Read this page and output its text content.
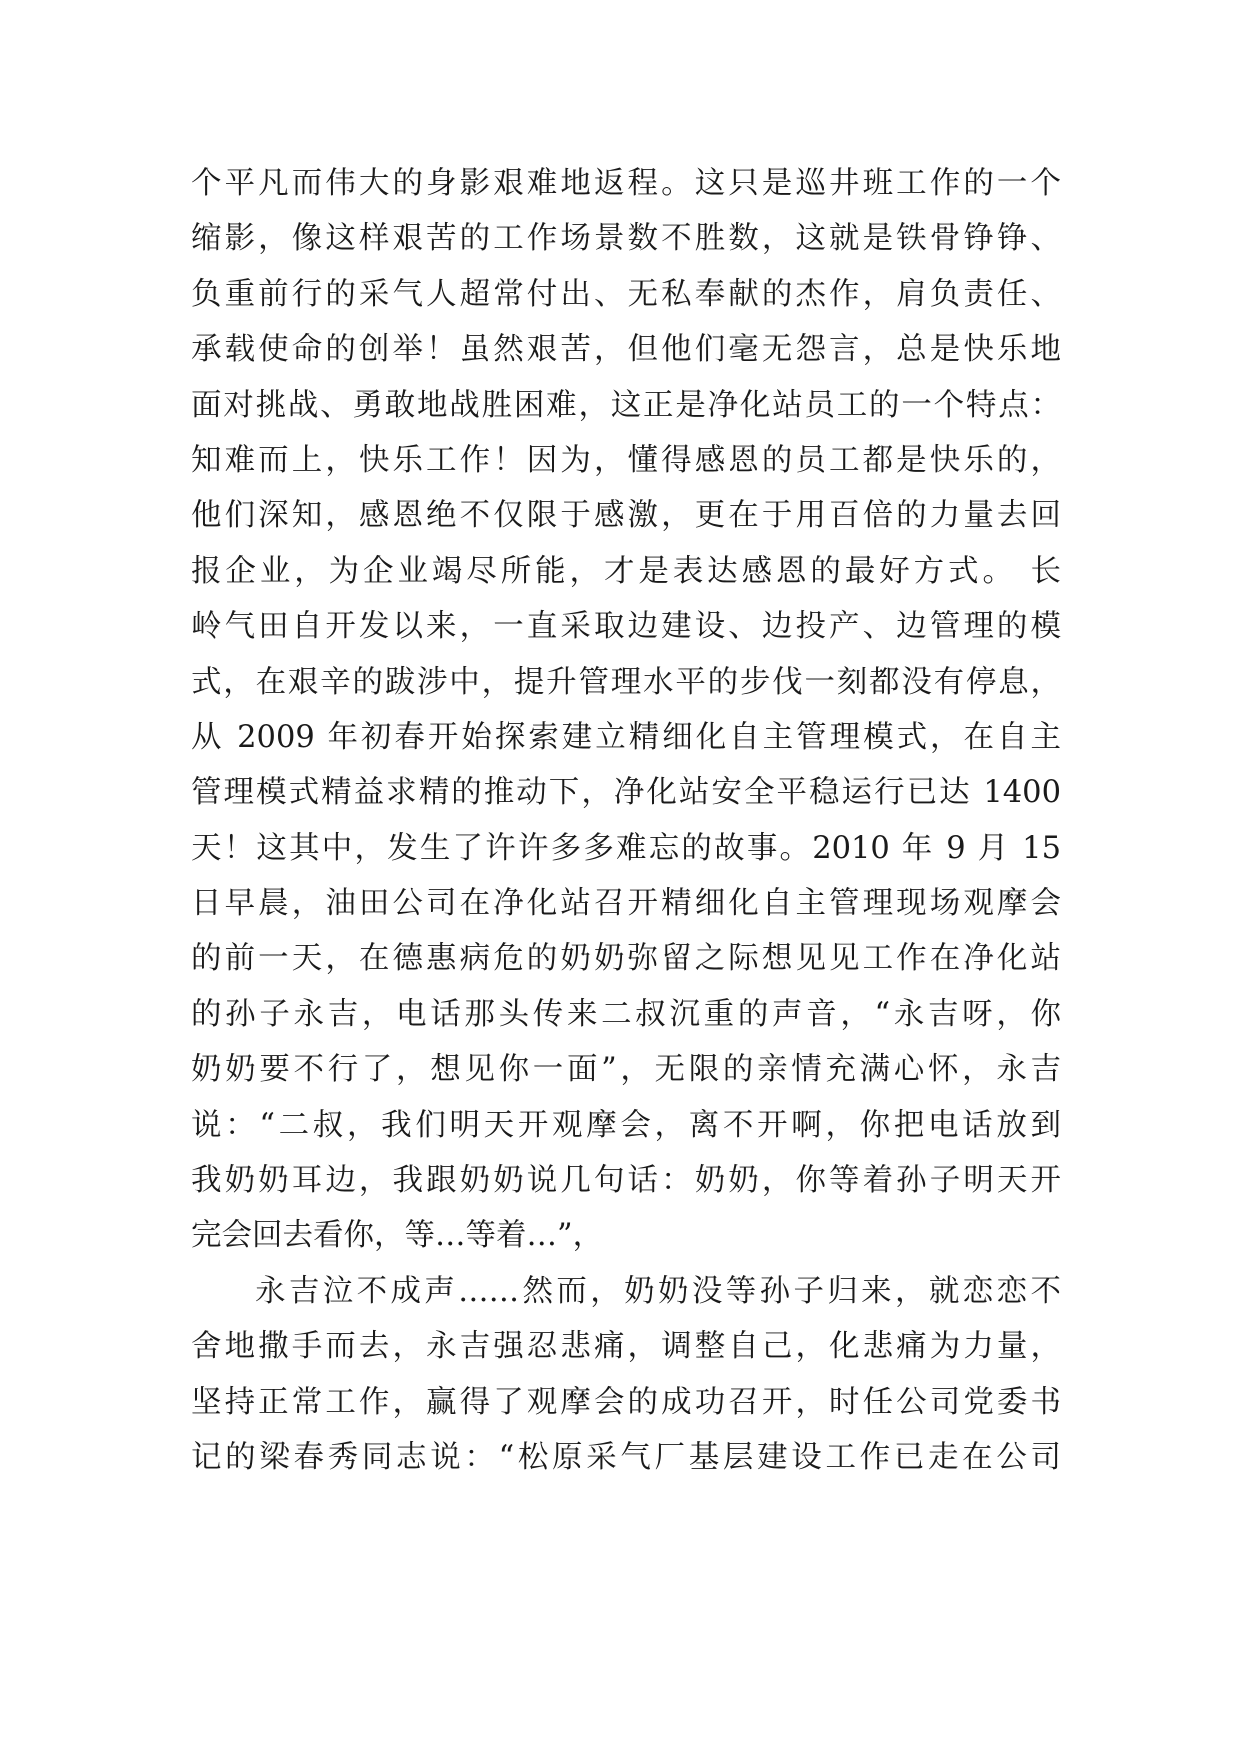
个平凡而伟大的身影艰难地返程。这只是巡井班工作的一个
缩影，像这样艰苦的工作场景数不胜数，这就是铁骨铮铮、
负重前行的采气人超常付出、无私奉献的杰作，肩负责任、
承载使命的创举！虽然艰苦，但他们毫无怨言，总是快乐地
面对挑战、勇敢地战胜困难，这正是净化站员工的一个特点：
知难而上，快乐工作！因为，懂得感恩的员工都是快乐的，
他们深知，感恩绝不仅限于感激，更在于用百倍的力量去回
报企业，为企业竭尽所能，才是表达感恩的最好方式。 长
岭气田自开发以来，一直采取边建设、边投产、边管理的模
式，在艰辛的跋涉中，提升管理水平的步伐一刻都没有停息，
从 2009 年初春开始探索建立精细化自主管理模式，在自主
管理模式精益求精的推动下，净化站安全平稳运行已达 1400
天！这其中，发生了许许多多难忘的故事。2010 年 9 月 15
日早晨，油田公司在净化站召开精细化自主管理现场观摩会
的前一天，在德惠病危的奶奶弥留之际想见见工作在净化站
的孙子永吉，电话那头传来二叔沉重的声音，“永吉呀，你
奶奶要不行了，想见你一面”，无限的亲情充满心怀，永吉
说：“二叔，我们明天开观摩会，离不开啊，你把电话放到
我奶奶耳边，我跟奶奶说几句话：奶奶，你等着孙子明天开
完会回去看你，等…等着…”，
永吉泣不成声……然而，奶奶没等孙子归来，就恋恋不
舍地撒手而去，永吉强忍悲痛，调整自己，化悲痛为力量，
坚持正常工作，赢得了观摩会的成功召开，时任公司党委书
记的梁春秀同志说：“松原采气厂基层建设工作已走在公司
